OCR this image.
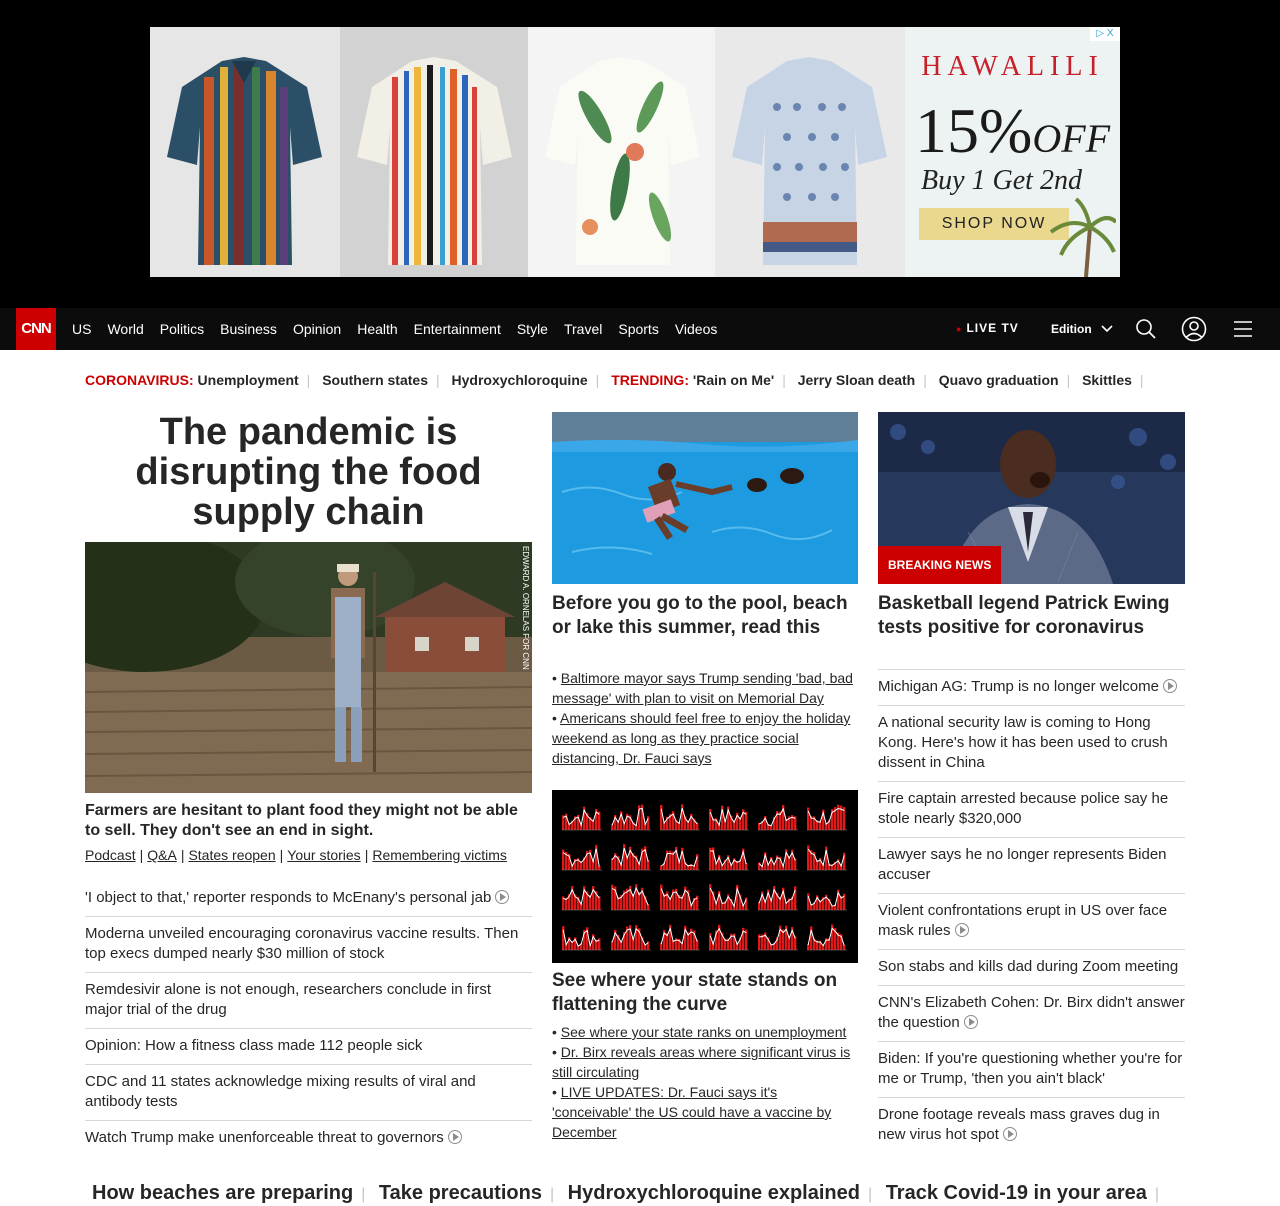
▷ X
HAWALILI
15%OFF
Buy 1 Get 2nd
SHOP NOW
CNN	US World Politics Business Opinion Health Entertainment Style Travel Sports Videos	● LIVE TV	Edition
CORONAVIRUS: Unemployment | Southern states | Hydroxychloroquine | TRENDING: 'Rain on Me' | Jerry Sloan death | Quavo graduation | Skittles |
The pandemic is disrupting the food supply chain
EDWARD A. ORNELAS FOR CNN
Farmers are hesitant to plant food they might not be able to sell. They don't see an end in sight.
Podcast | Q&A | States reopen | Your stories | Remembering victims
'I object to that,' reporter responds to McEnany's personal jab
Moderna unveiled encouraging coronavirus vaccine results. Then top execs dumped nearly $30 million of stock
Remdesivir alone is not enough, researchers conclude in first major trial of the drug
Opinion: How a fitness class made 112 people sick
CDC and 11 states acknowledge mixing results of viral and antibody tests
Watch Trump make unenforceable threat to governors
Before you go to the pool, beach or lake this summer, read this
• Baltimore mayor says Trump sending 'bad, bad message' with plan to visit on Memorial Day
• Americans should feel free to enjoy the holiday weekend as long as they practice social distancing, Dr. Fauci says
See where your state stands on flattening the curve
• See where your state ranks on unemployment
• Dr. Birx reveals areas where significant virus is still circulating
• LIVE UPDATES: Dr. Fauci says it's 'conceivable' the US could have a vaccine by December
BREAKING NEWS
Basketball legend Patrick Ewing tests positive for coronavirus
Michigan AG: Trump is no longer welcome
A national security law is coming to Hong Kong. Here's how it has been used to crush dissent in China
Fire captain arrested because police say he stole nearly $320,000
Lawyer says he no longer represents Biden accuser
Violent confrontations erupt in US over face mask rules
Son stabs and kills dad during Zoom meeting
CNN's Elizabeth Cohen: Dr. Birx didn't answer the question
Biden: If you're questioning whether you're for me or Trump, 'then you ain't black'
Drone footage reveals mass graves dug in new virus hot spot
How beaches are preparing | Take precautions | Hydroxychloroquine explained | Track Covid-19 in your area |
